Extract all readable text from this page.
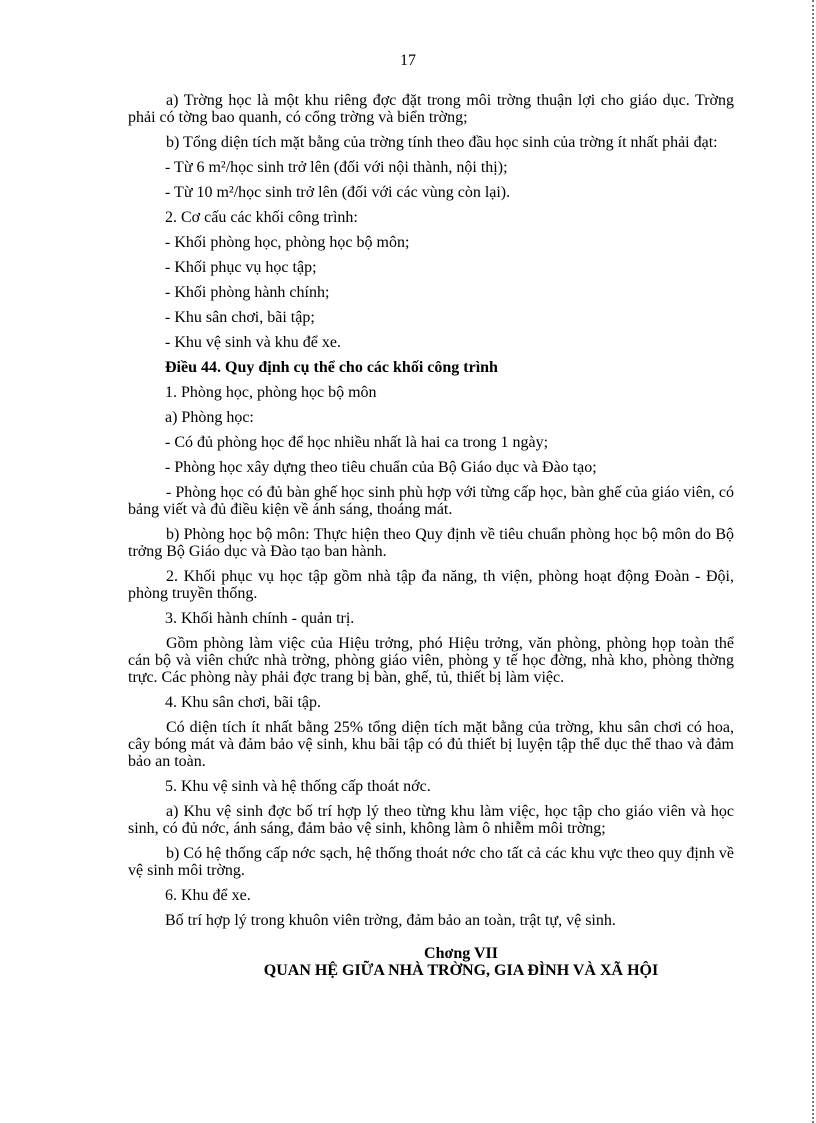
17

a) Trờng học là một khu riêng đợc đặt trong môi trờng thuận lợi cho giáo dục. Trờng phải có tờng bao quanh, có cổng trờng và biển trờng;

b) Tổng diện tích mặt bằng của trờng tính theo đầu học sinh của trờng ít nhất phải đạt:

- Từ 6 m²/học sinh trở lên (đối với nội thành, nội thị);

- Từ 10 m²/học sinh trở lên (đối với các vùng còn lại).

2. Cơ cấu các khối công trình:

- Khối phòng học, phòng học bộ môn;

- Khối phục vụ học tập;

- Khối phòng hành chính;

- Khu sân chơi, bãi tập;

- Khu vệ sinh và khu để xe.

Điều 44. Quy định cụ thể cho các khối công trình

1. Phòng học, phòng học bộ môn

a) Phòng học:

- Có đủ phòng học để học nhiều nhất là hai ca trong 1 ngày;

- Phòng học xây dựng theo tiêu chuẩn của Bộ Giáo dục và Đào tạo;

- Phòng học có đủ bàn ghế học sinh phù hợp với từng cấp học, bàn ghế của giáo viên, có bảng viết và đủ điều kiện về ánh sáng, thoáng mát.

b) Phòng học bộ môn: Thực hiện theo Quy định về tiêu chuẩn phòng học bộ môn do Bộ trởng Bộ Giáo dục và Đào tạo ban hành.

2. Khối phục vụ học tập gồm nhà tập đa năng, th viện, phòng hoạt động Đoàn - Đội, phòng truyền thống.

3. Khối hành chính - quản trị.

Gồm phòng làm việc của Hiệu trởng, phó Hiệu trởng, văn phòng, phòng họp toàn thể cán bộ và viên chức nhà trờng, phòng giáo viên, phòng y tế học đờng, nhà kho, phòng thờng trực. Các phòng này phải đợc trang bị bàn, ghế, tủ, thiết bị làm việc.

4. Khu sân chơi, bãi tập.

Có diện tích ít nhất bằng 25% tổng diện tích mặt bằng của trờng, khu sân chơi có hoa, cây bóng mát và đảm bảo vệ sinh, khu bãi tập có đủ thiết bị luyện tập thể dục thể thao và đảm bảo an toàn.

5. Khu vệ sinh và hệ thống cấp thoát nớc.

a) Khu vệ sinh đợc bố trí hợp lý theo từng khu làm việc, học tập cho giáo viên và học sinh, có đủ nớc, ánh sáng, đảm bảo vệ sinh, không làm ô nhiễm môi trờng;

b) Có hệ thống cấp nớc sạch, hệ thống thoát nớc cho tất cả các khu vực theo quy định về vệ sinh môi trờng.

6. Khu để xe.

Bố trí hợp lý trong khuôn viên trờng, đảm bảo an toàn, trật tự, vệ sinh.

Chơng VII
QUAN HỆ GIỮA NHÀ TRỜNG, GIA ĐÌNH VÀ XÃ HỘI
